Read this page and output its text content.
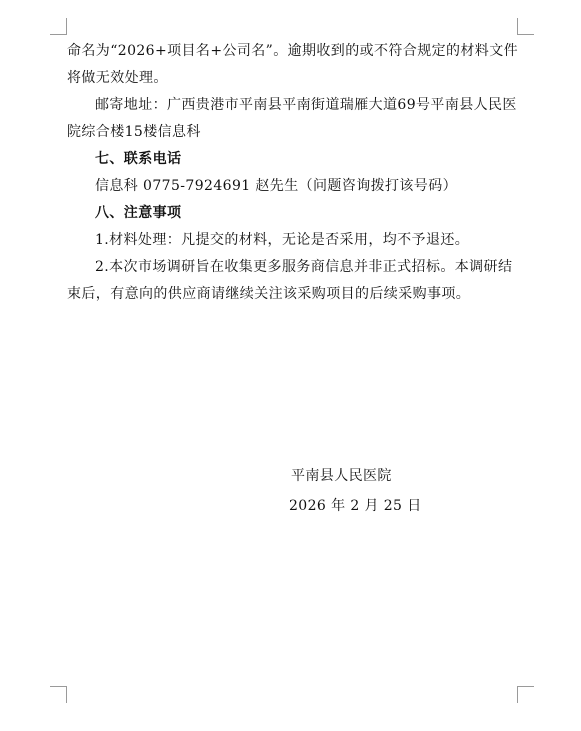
命名为“2026+项目名+公司名”。逾期收到的或不符合规定的材料文件将做无效处理。

邮寄地址：广西贵港市平南县平南街道瑞雁大道69号平南县人民医院综合楼15楼信息科

七、联系电话

信息科 0775-7924691 赵先生（问题咨询拨打该号码）

八、注意事项

1.材料处理：凡提交的材料，无论是否采用，均不予退还。

2.本次市场调研旨在收集更多服务商信息并非正式招标。本调研结束后，有意向的供应商请继续关注该采购项目的后续采购事项。

平南县人民医院

2026 年 2 月 25 日
